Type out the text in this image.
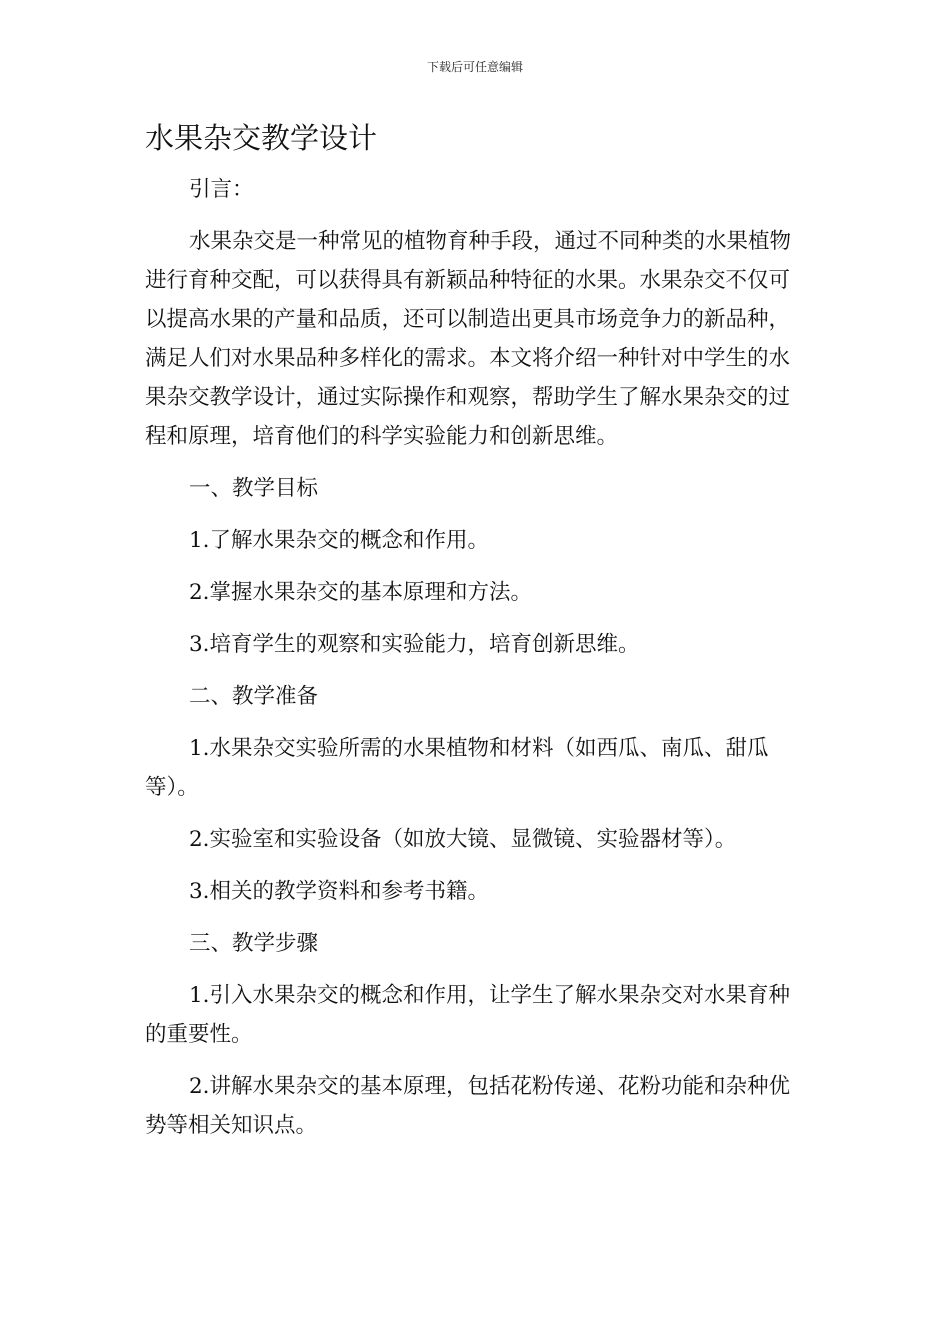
下载后可任意编辑
水果杂交教学设计

引言：

水果杂交是一种常见的植物育种手段，通过不同种类的水果植物进行育种交配，可以获得具有新颖品种特征的水果。水果杂交不仅可以提高水果的产量和品质，还可以制造出更具市场竞争力的新品种，满足人们对水果品种多样化的需求。本文将介绍一种针对中学生的水果杂交教学设计，通过实际操作和观察，帮助学生了解水果杂交的过程和原理，培育他们的科学实验能力和创新思维。

一、教学目标

1.了解水果杂交的概念和作用。

2.掌握水果杂交的基本原理和方法。

3.培育学生的观察和实验能力，培育创新思维。

二、教学准备

1.水果杂交实验所需的水果植物和材料（如西瓜、南瓜、甜瓜等）。

2.实验室和实验设备（如放大镜、显微镜、实验器材等）。

3.相关的教学资料和参考书籍。

三、教学步骤

1.引入水果杂交的概念和作用，让学生了解水果杂交对水果育种的重要性。

2.讲解水果杂交的基本原理，包括花粉传递、花粉功能和杂种优势等相关知识点。
